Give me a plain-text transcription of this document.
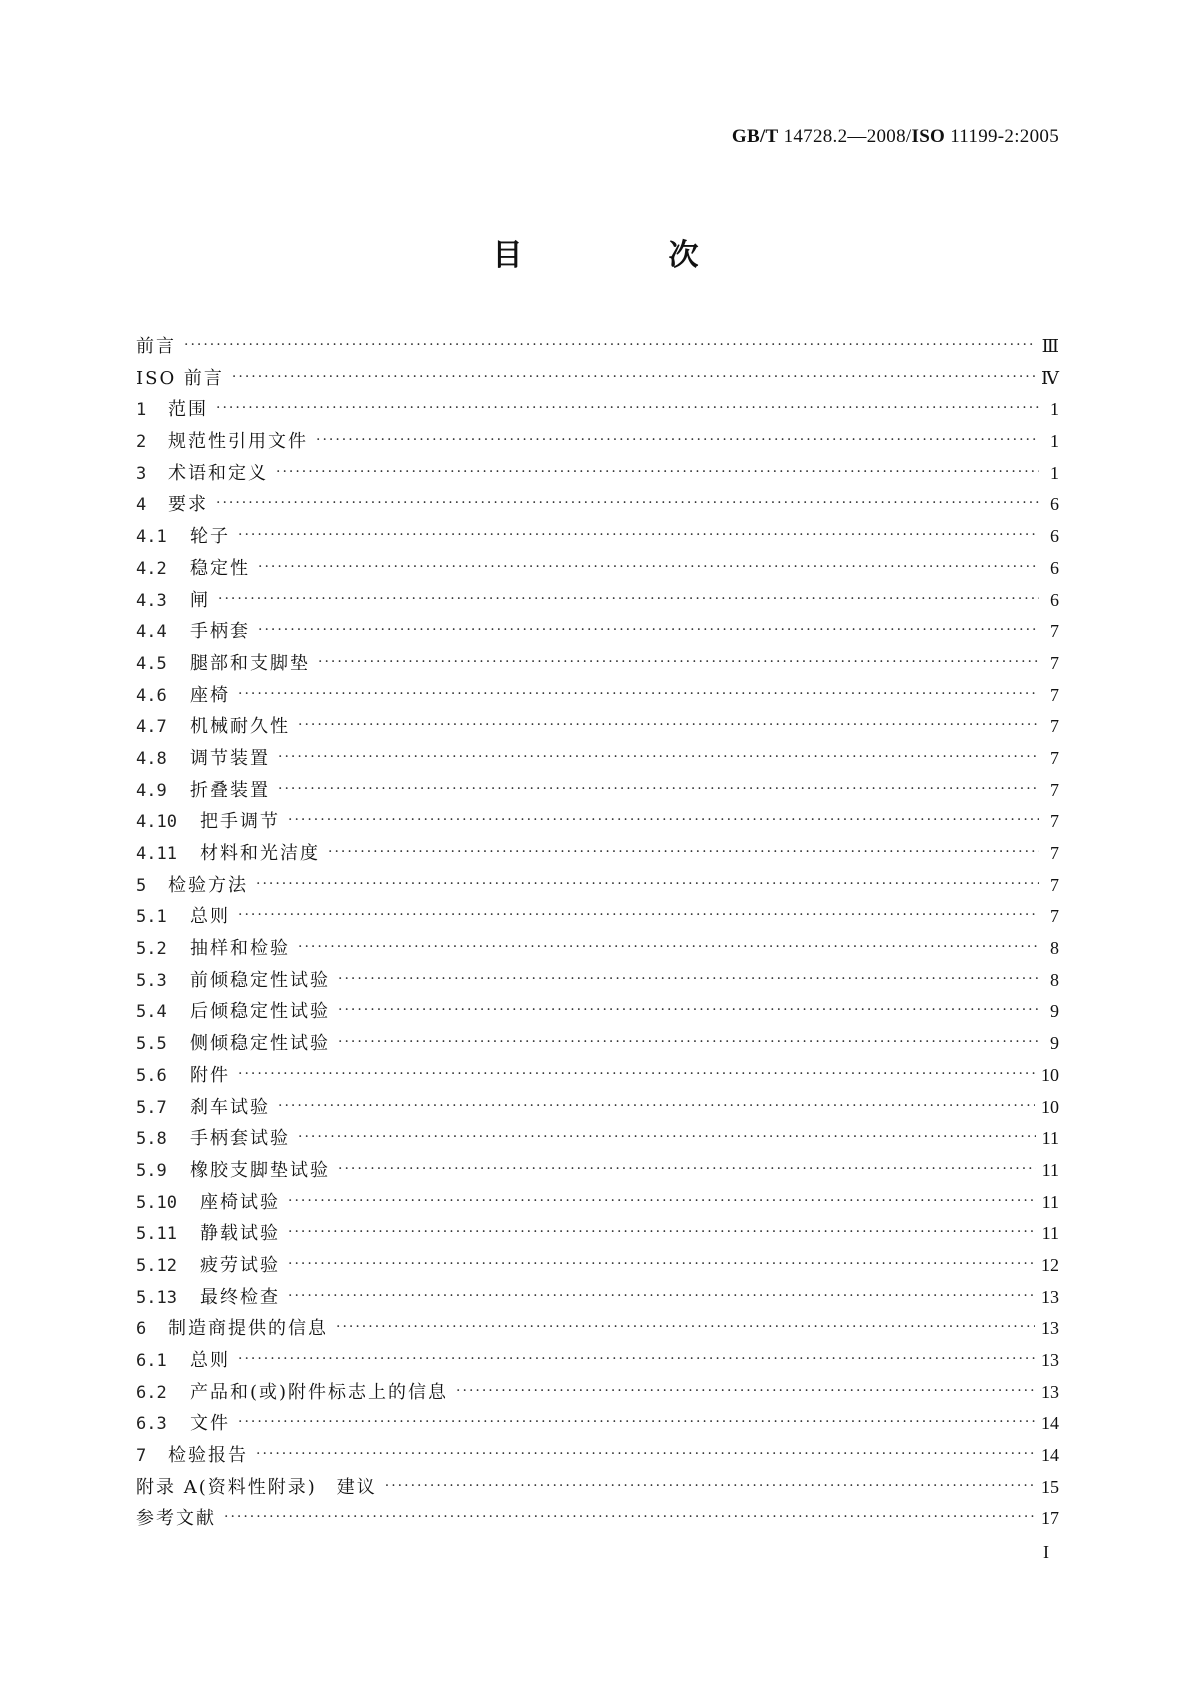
GB/T 14728.2—2008/ISO 11199-2:2005
目　次
前言 ·····	Ⅲ
ISO 前言 ·····	Ⅳ
1	范围 ·····	1
2	规范性引用文件 ·····	1
3	术语和定义 ·····	1
4	要求 ·····	6
4.1	轮子 ·····	6
4.2	稳定性 ·····	6
4.3	闸 ·····	6
4.4	手柄套 ·····	7
4.5	腿部和支脚垫 ·····	7
4.6	座椅 ·····	7
4.7	机械耐久性 ·····	7
4.8	调节装置 ·····	7
4.9	折叠装置 ·····	7
4.10	把手调节 ·····	7
4.11	材料和光洁度 ·····	7
5	检验方法 ·····	7
5.1	总则 ·····	7
5.2	抽样和检验 ·····	8
5.3	前倾稳定性试验 ·····	8
5.4	后倾稳定性试验 ·····	9
5.5	侧倾稳定性试验 ·····	9
5.6	附件 ·····	10
5.7	刹车试验 ·····	10
5.8	手柄套试验 ·····	11
5.9	橡胶支脚垫试验 ·····	11
5.10	座椅试验 ·····	11
5.11	静载试验 ·····	11
5.12	疲劳试验 ·····	12
5.13	最终检查 ·····	13
6	制造商提供的信息 ·····	13
6.1	总则 ·····	13
6.2	产品和(或)附件标志上的信息 ·····	13
6.3	文件 ·····	14
7	检验报告 ·····	14
附录 A(资料性附录)　建议 ·····	15
参考文献 ·····	17
I
